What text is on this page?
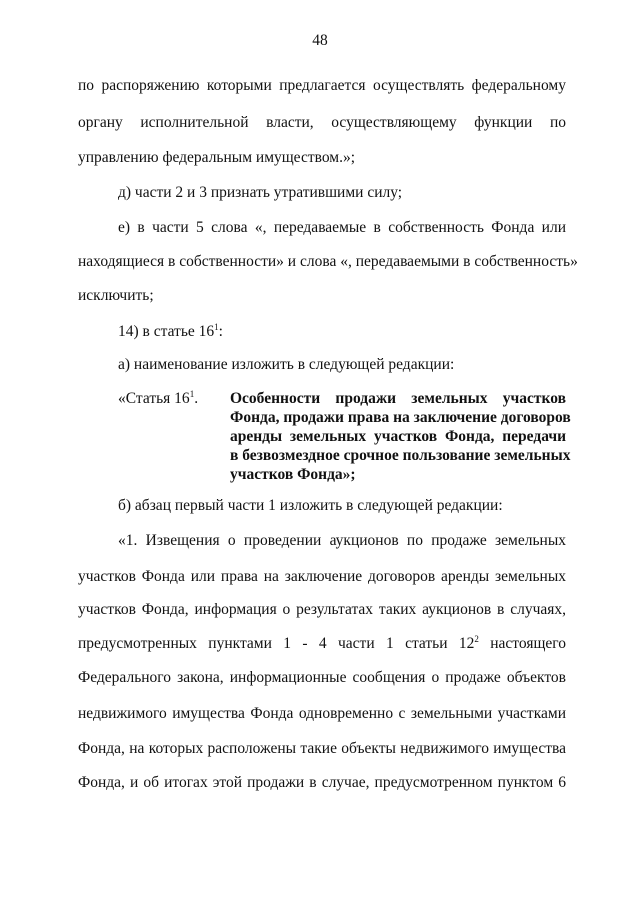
48
по распоряжению которыми предлагается осуществлять федеральному
органу исполнительной власти, осуществляющему функции по
управлению федеральным имуществом.»;
д) части 2 и 3 признать утратившими силу;
е) в части 5 слова «, передаваемые в собственность Фонда или
находящиеся в собственности» и слова «, передаваемыми в собственность»
исключить;
14) в статье $16^1$:
а) наименование изложить в следующей редакции:
«Статья $16^1$. Особенности продажи земельных участков
Фонда, продажи права на заключение договоров
аренды земельных участков Фонда, передачи
в безвозмездное срочное пользование земельных
участков Фонда»;
б) абзац первый части 1 изложить в следующей редакции:
«1. Извещения о проведении аукционов по продаже земельных
участков Фонда или права на заключение договоров аренды земельных
участков Фонда, информация о результатах таких аукционов в случаях,
предусмотренных пунктами 1 - 4 части 1 статьи $12^2$ настоящего
Федерального закона, информационные сообщения о продаже объектов
недвижимого имущества Фонда одновременно с земельными участками
Фонда, на которых расположены такие объекты недвижимого имущества
Фонда, и об итогах этой продажи в случае, предусмотренном пунктом 6
